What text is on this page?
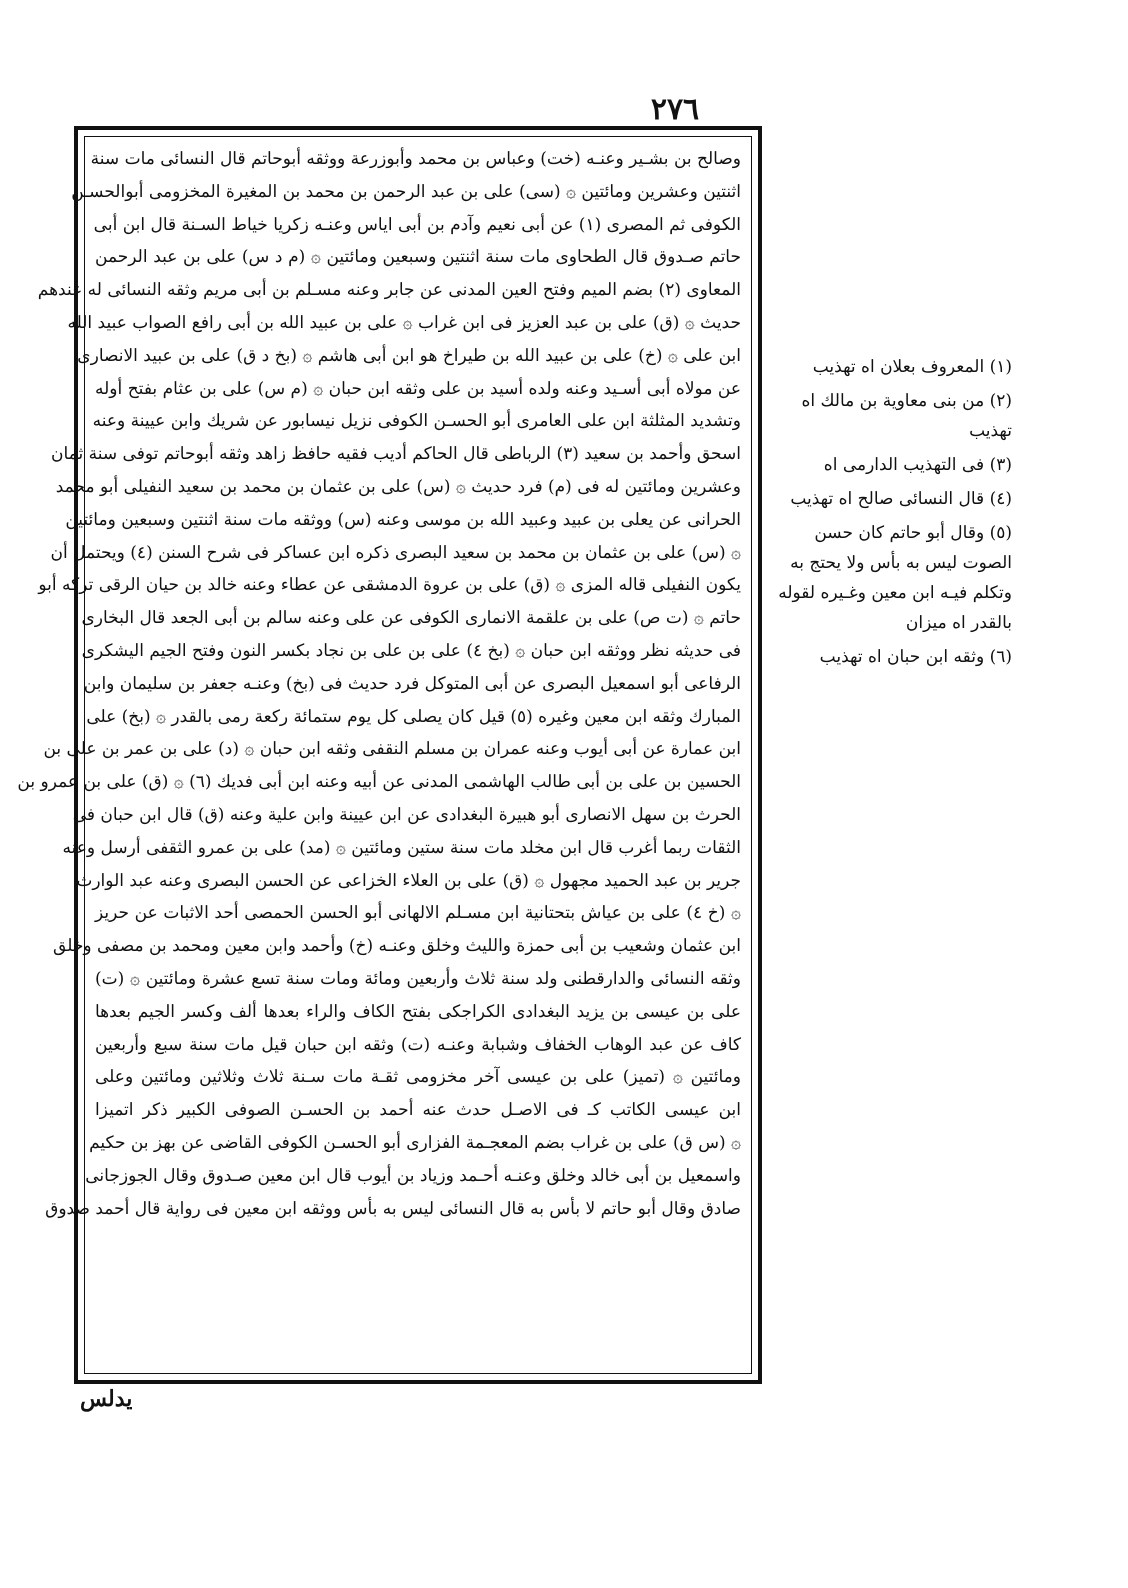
٢٧٦
وصالح بن بشـير وعنـه (خت) وعباس بن محمد وأبوزرعة ووثقه أبوحاتم قال النسائى مات سنة
اثنتين وعشرين ومائتين ۞ (سى) على بن عبد الرحمن بن محمد بن المغيرة المخزومى أبوالحسـن
الكوفى ثم المصرى (١) عن أبى نعيم وآدم بن أبى اياس وعنـه زكريا خياط السـنة قال ابن أبى
حاتم صـدوق قال الطحاوى مات سنة اثنتين وسبعين ومائتين ۞ (م د س) على بن عبد الرحمن
المعاوى (٢) بضم الميم وفتح العين المدنى عن جابر وعنه مسـلم بن أبى مريم وثقه النسائى له عندهم
حديث ۞ (ق) على بن عبد العزيز فى ابن غراب ۞ على بن عبيد الله بن أبى رافع الصواب عبيد الله
ابن على ۞ (خ) على بن عبيد الله بن طيراخ هو ابن أبى هاشم ۞ (بخ د ق) على بن عبيد الانصارى
عن مولاه أبى أسـيد وعنه ولده أسيد بن على وثقه ابن حبان ۞ (م س) على بن عثام بفتح أوله
وتشديد المثلثة ابن على العامرى أبو الحسـن الكوفى نزيل نيسابور عن شريك وابن عيينة وعنه
اسحق وأحمد بن سعيد (٣) الرباطى قال الحاكم أديب فقيه حافظ زاهد وثقه أبوحاتم توفى سنة ثمان
وعشرين ومائتين له فى (م) فرد حديث ۞ (س) على بن عثمان بن محمد بن سعيد النفيلى أبو محمد
الحرانى عن يعلى بن عبيد وعبيد الله بن موسى وعنه (س) ووثقه مات سنة اثنتين وسبعين ومائتين
۞ (س) على بن عثمان بن محمد بن سعيد البصرى ذكره ابن عساكر فى شرح السنن (٤) ويحتمل أن
يكون النفيلى قاله المزى ۞ (ق) على بن عروة الدمشقى عن عطاء وعنه خالد بن حيان الرقى تركه أبو
حاتم ۞ (ت ص) على بن علقمة الانمارى الكوفى عن على وعنه سالم بن أبى الجعد قال البخارى
فى حديثه نظر ووثقه ابن حبان ۞ (بخ ٤) على بن على بن نجاد بكسر النون وفتح الجيم اليشكرى
الرفاعى أبو اسمعيل البصرى عن أبى المتوكل فرد حديث فى (بخ) وعنـه جعفر بن سليمان وابن
المبارك وثقه ابن معين وغيره (٥) قيل كان يصلى كل يوم ستمائة ركعة رمى بالقدر ۞ (بخ) على
ابن عمارة عن أبى أيوب وعنه عمران بن مسلم النقفى وثقه ابن حبان ۞ (د) على بن عمر بن على بن
الحسين بن على بن أبى طالب الهاشمى المدنى عن أبيه وعنه ابن أبى فديك (٦) ۞ (ق) على بن عمرو بن
الحرث بن سهل الانصارى أبو هبيرة البغدادى عن ابن عيينة وابن علية وعنه (ق) قال ابن حبان فى
الثقات ربما أغرب قال ابن مخلد مات سنة ستين ومائتين ۞ (مد) على بن عمرو الثقفى أرسل وعنه
جرير بن عبد الحميد مجهول ۞ (ق) على بن العلاء الخزاعى عن الحسن البصرى وعنه عبد الوارث
۞ (خ ٤) على بن عياش بتحتانية ابن مسـلم الالهانى أبو الحسن الحمصى أحد الاثبات عن حريز
ابن عثمان وشعيب بن أبى حمزة والليث وخلق وعنـه (خ) وأحمد وابن معين ومحمد بن مصفى وخلق
وثقه النسائى والدارقطنى ولد سنة ثلاث وأربعين ومائة ومات سنة تسع عشرة ومائتين ۞ (ت)
على بن عيسى بن يزيد البغدادى الكراجكى بفتح الكاف والراء بعدها ألف وكسر الجيم بعدها
كاف عن عبد الوهاب الخفاف وشبابة وعنـه (ت) وثقه ابن حبان قيل مات سنة سبع وأربعين
ومائتين ۞ (تميز) على بن عيسى آخر مخزومى ثقـة مات سـنة ثلاث وثلاثين ومائتين وعلى
ابن عيسى الكاتب كـ فى الاصـل حدث عنه أحمد بن الحسـن الصوفى الكبير ذكر اتميزا
۞ (س ق) على بن غراب بضم المعجـمة الفزارى أبو الحسـن الكوفى القاضى عن بهز بن حكيم
واسمعيل بن أبى خالد وخلق وعنـه أحـمد وزياد بن أيوب قال ابن معين صـدوق وقال الجوزجانى
صادق وقال أبو حاتم لا بأس به قال النسائى ليس به بأس ووثقه ابن معين فى رواية قال أحمد صدوق
(١) المعروف بعلان اه تهذيب
(٢) من بنى معاوية بن مالك اه تهذيب
(٣) فى التهذيب الدارمى اه
(٤) قال النسائى صالح اه تهذيب
(٥) وقال أبو حاتم كان حسن الصوت ليس به بأس ولا يحتج به وتكلم فيـه ابن معين وغـيره لقوله بالقدر اه ميزان
(٦) وثقه ابن حبان اه تهذيب
يدلس
